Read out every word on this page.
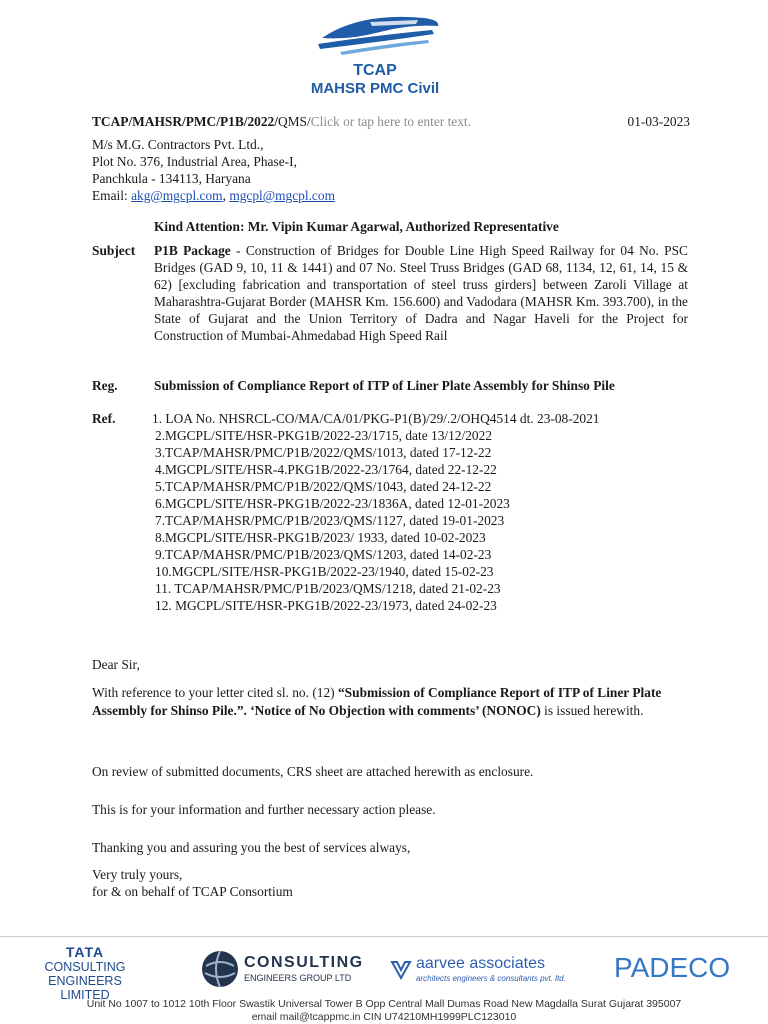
TCAP
MAHSR PMC Civil
TCAP/MAHSR/PMC/P1B/2022/QMS/Click or tap here to enter text.	01-03-2023
M/s M.G. Contractors Pvt. Ltd.,
Plot No. 376, Industrial Area, Phase-I,
Panchkula - 134113, Haryana
Email: akg@mgcpl.com, mgcpl@mgcpl.com
Kind Attention: Mr. Vipin Kumar Agarwal, Authorized Representative
Subject	P1B Package - Construction of Bridges for Double Line High Speed Railway for 04 No. PSC Bridges (GAD 9, 10, 11 & 1441) and 07 No. Steel Truss Bridges (GAD 68, 1134, 12, 61, 14, 15 & 62) [excluding fabrication and transportation of steel truss girders] between Zaroli Village at Maharashtra-Gujarat Border (MAHSR Km. 156.600) and Vadodara (MAHSR Km. 393.700), in the State of Gujarat and the Union Territory of Dadra and Nagar Haveli for the Project for Construction of Mumbai-Ahmedabad High Speed Rail
Reg.	Submission of Compliance Report of ITP of Liner Plate Assembly for Shinso Pile
Ref.	1. LOA No. NHSRCL-CO/MA/CA/01/PKG-P1(B)/29/.2/OHQ4514 dt. 23-08-2021
2.MGCPL/SITE/HSR-PKG1B/2022-23/1715, date 13/12/2022
3.TCAP/MAHSR/PMC/P1B/2022/QMS/1013, dated 17-12-22
4.MGCPL/SITE/HSR-4.PKG1B/2022-23/1764, dated 22-12-22
5.TCAP/MAHSR/PMC/P1B/2022/QMS/1043, dated 24-12-22
6.MGCPL/SITE/HSR-PKG1B/2022-23/1836A, dated 12-01-2023
7.TCAP/MAHSR/PMC/P1B/2023/QMS/1127, dated 19-01-2023
8.MGCPL/SITE/HSR-PKG1B/2023/ 1933, dated 10-02-2023
9.TCAP/MAHSR/PMC/P1B/2023/QMS/1203, dated 14-02-23
10.MGCPL/SITE/HSR-PKG1B/2022-23/1940, dated 15-02-23
11. TCAP/MAHSR/PMC/P1B/2023/QMS/1218, dated 21-02-23
12. MGCPL/SITE/HSR-PKG1B/2022-23/1973, dated 24-02-23
Dear Sir,
With reference to your letter cited sl. no. (12) “Submission of Compliance Report of ITP of Liner Plate Assembly for Shinso Pile.”. ‘Notice of No Objection with comments’ (NONOC) is issued herewith.
On review of submitted documents, CRS sheet are attached herewith as enclosure.
This is for your information and further necessary action please.
Thanking you and assuring you the best of services always,
Very truly yours,
for & on behalf of TCAP Consortium
TATA
CONSULTING
ENGINEERS LIMITED
CONSULTING
ENGINEERS GROUP LTD
aarvee associates
architects engineers & consultants pvt. ltd. PADECO
Unit No 1007 to 1012 10th Floor Swastik Universal Tower B Opp Central Mall Dumas Road New Magdalla Surat Gujarat 395007
email mail@tcappmc.in CIN U74210MH1999PLC123010
